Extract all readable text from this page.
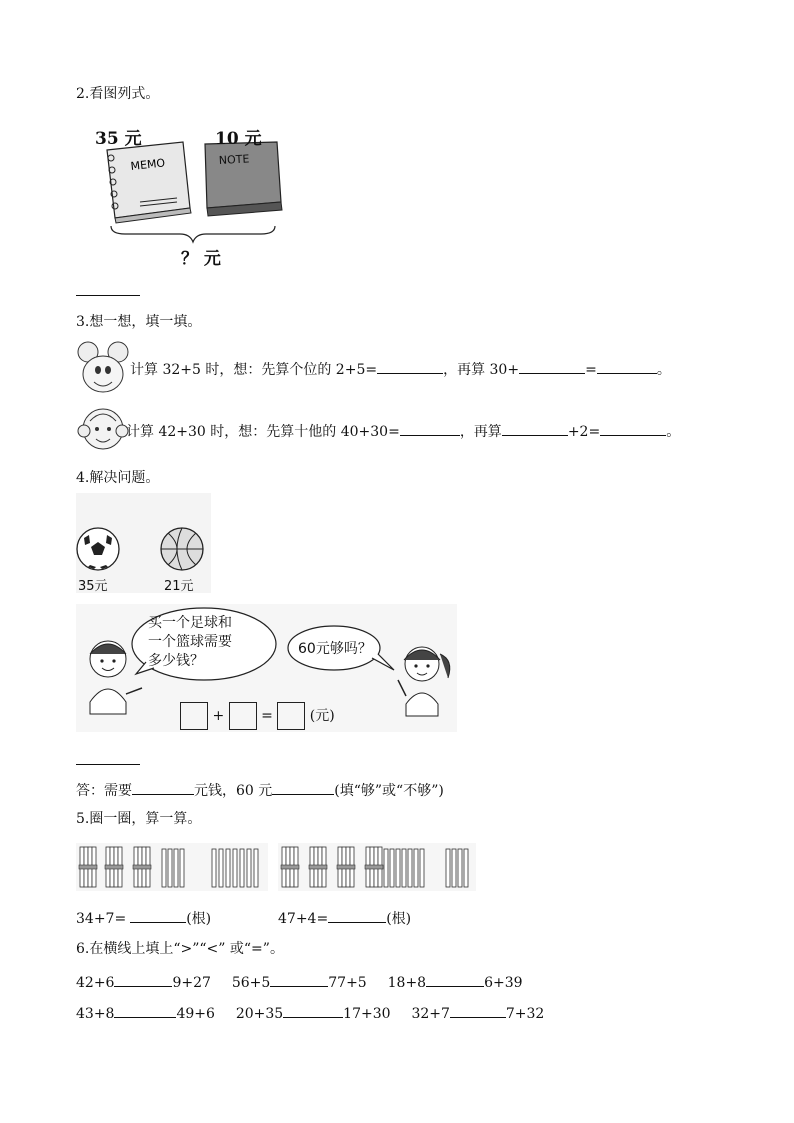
2.看图列式。
MEMO	NOTE
35 元	10 元
？ 元
3.想一想，填一填。
计算 32+5 时，想：先算个位的 2+5=	，再算 30+	=	。
计算 42+30 时，想：先算十他的 40+30=	，再算	+2=	。
4.解决问题。
35元	21元
买一个足球和
一个篮球需要
多少钱？
60元够吗？
+	=	(元)
答：需要	元钱，60 元	(填“够”或“不够”)
5.圈一圈，算一算。
34+7=	(根)	47+4=	(根)
6.在横线上填上“>”“<” 或“=”。
42+6	9+27 56+5	77+5 18+8	6+39
43+8	49+6 20+35	17+30 32+7	7+32
